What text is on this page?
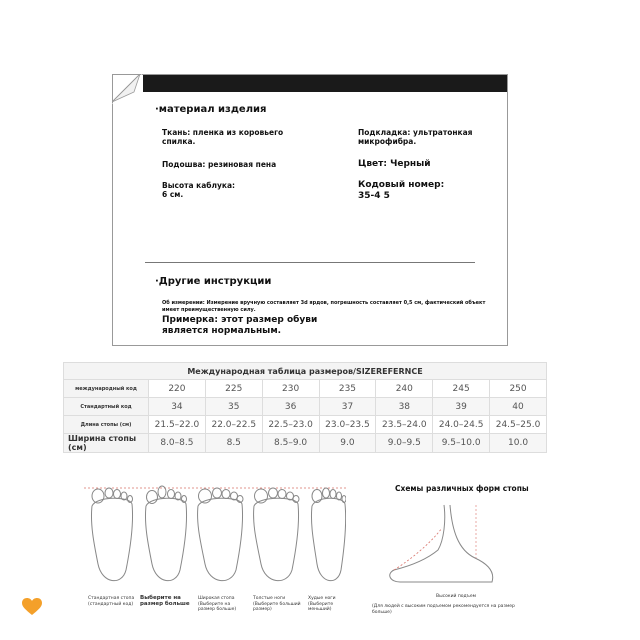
·материал изделия
Ткань: пленка из коровьего спилка.
Подкладка: ультратонкая микрофибра.
Подошва: резиновая пена	Цвет: Черный
Высота каблука: 6 см.
Кодовый номер: 35-4 5
·Другие инструкции
Об измерении: Измерение вручную составляет 3d ярдов, погрешность составляет 0,5 см, фактический объект имеет преимущественную силу.
Примерка: этот размер обуви является нормальным.
Международная таблица размеров/SIZEREFERNCE							
международный код	220	225	230	235	240	245	250
Стандартный код	34	35	36	37	38	39	40
Длина стопы (см)	21.5–22.0	22.0–22.5	22.5–23.0	23.0–23.5	23.5–24.0	24.0–24.5	24.5–25.0
Ширина стопы (см)	8.0–8.5	8.5	8.5–9.0	9.0	9.0–9.5	9.5–10.0	10.0
Стандартная стопа (стандартный код)
Выберите на размер больше
Широкая стопа (Выберите на размер больше)
Толстые ноги (Выберите больший размер)
Худые ноги (Выберите меньший)
Схемы различных форм стопы
Высокий подъем
(Для людей с высоким подъемом рекомендуется на размер больше)
